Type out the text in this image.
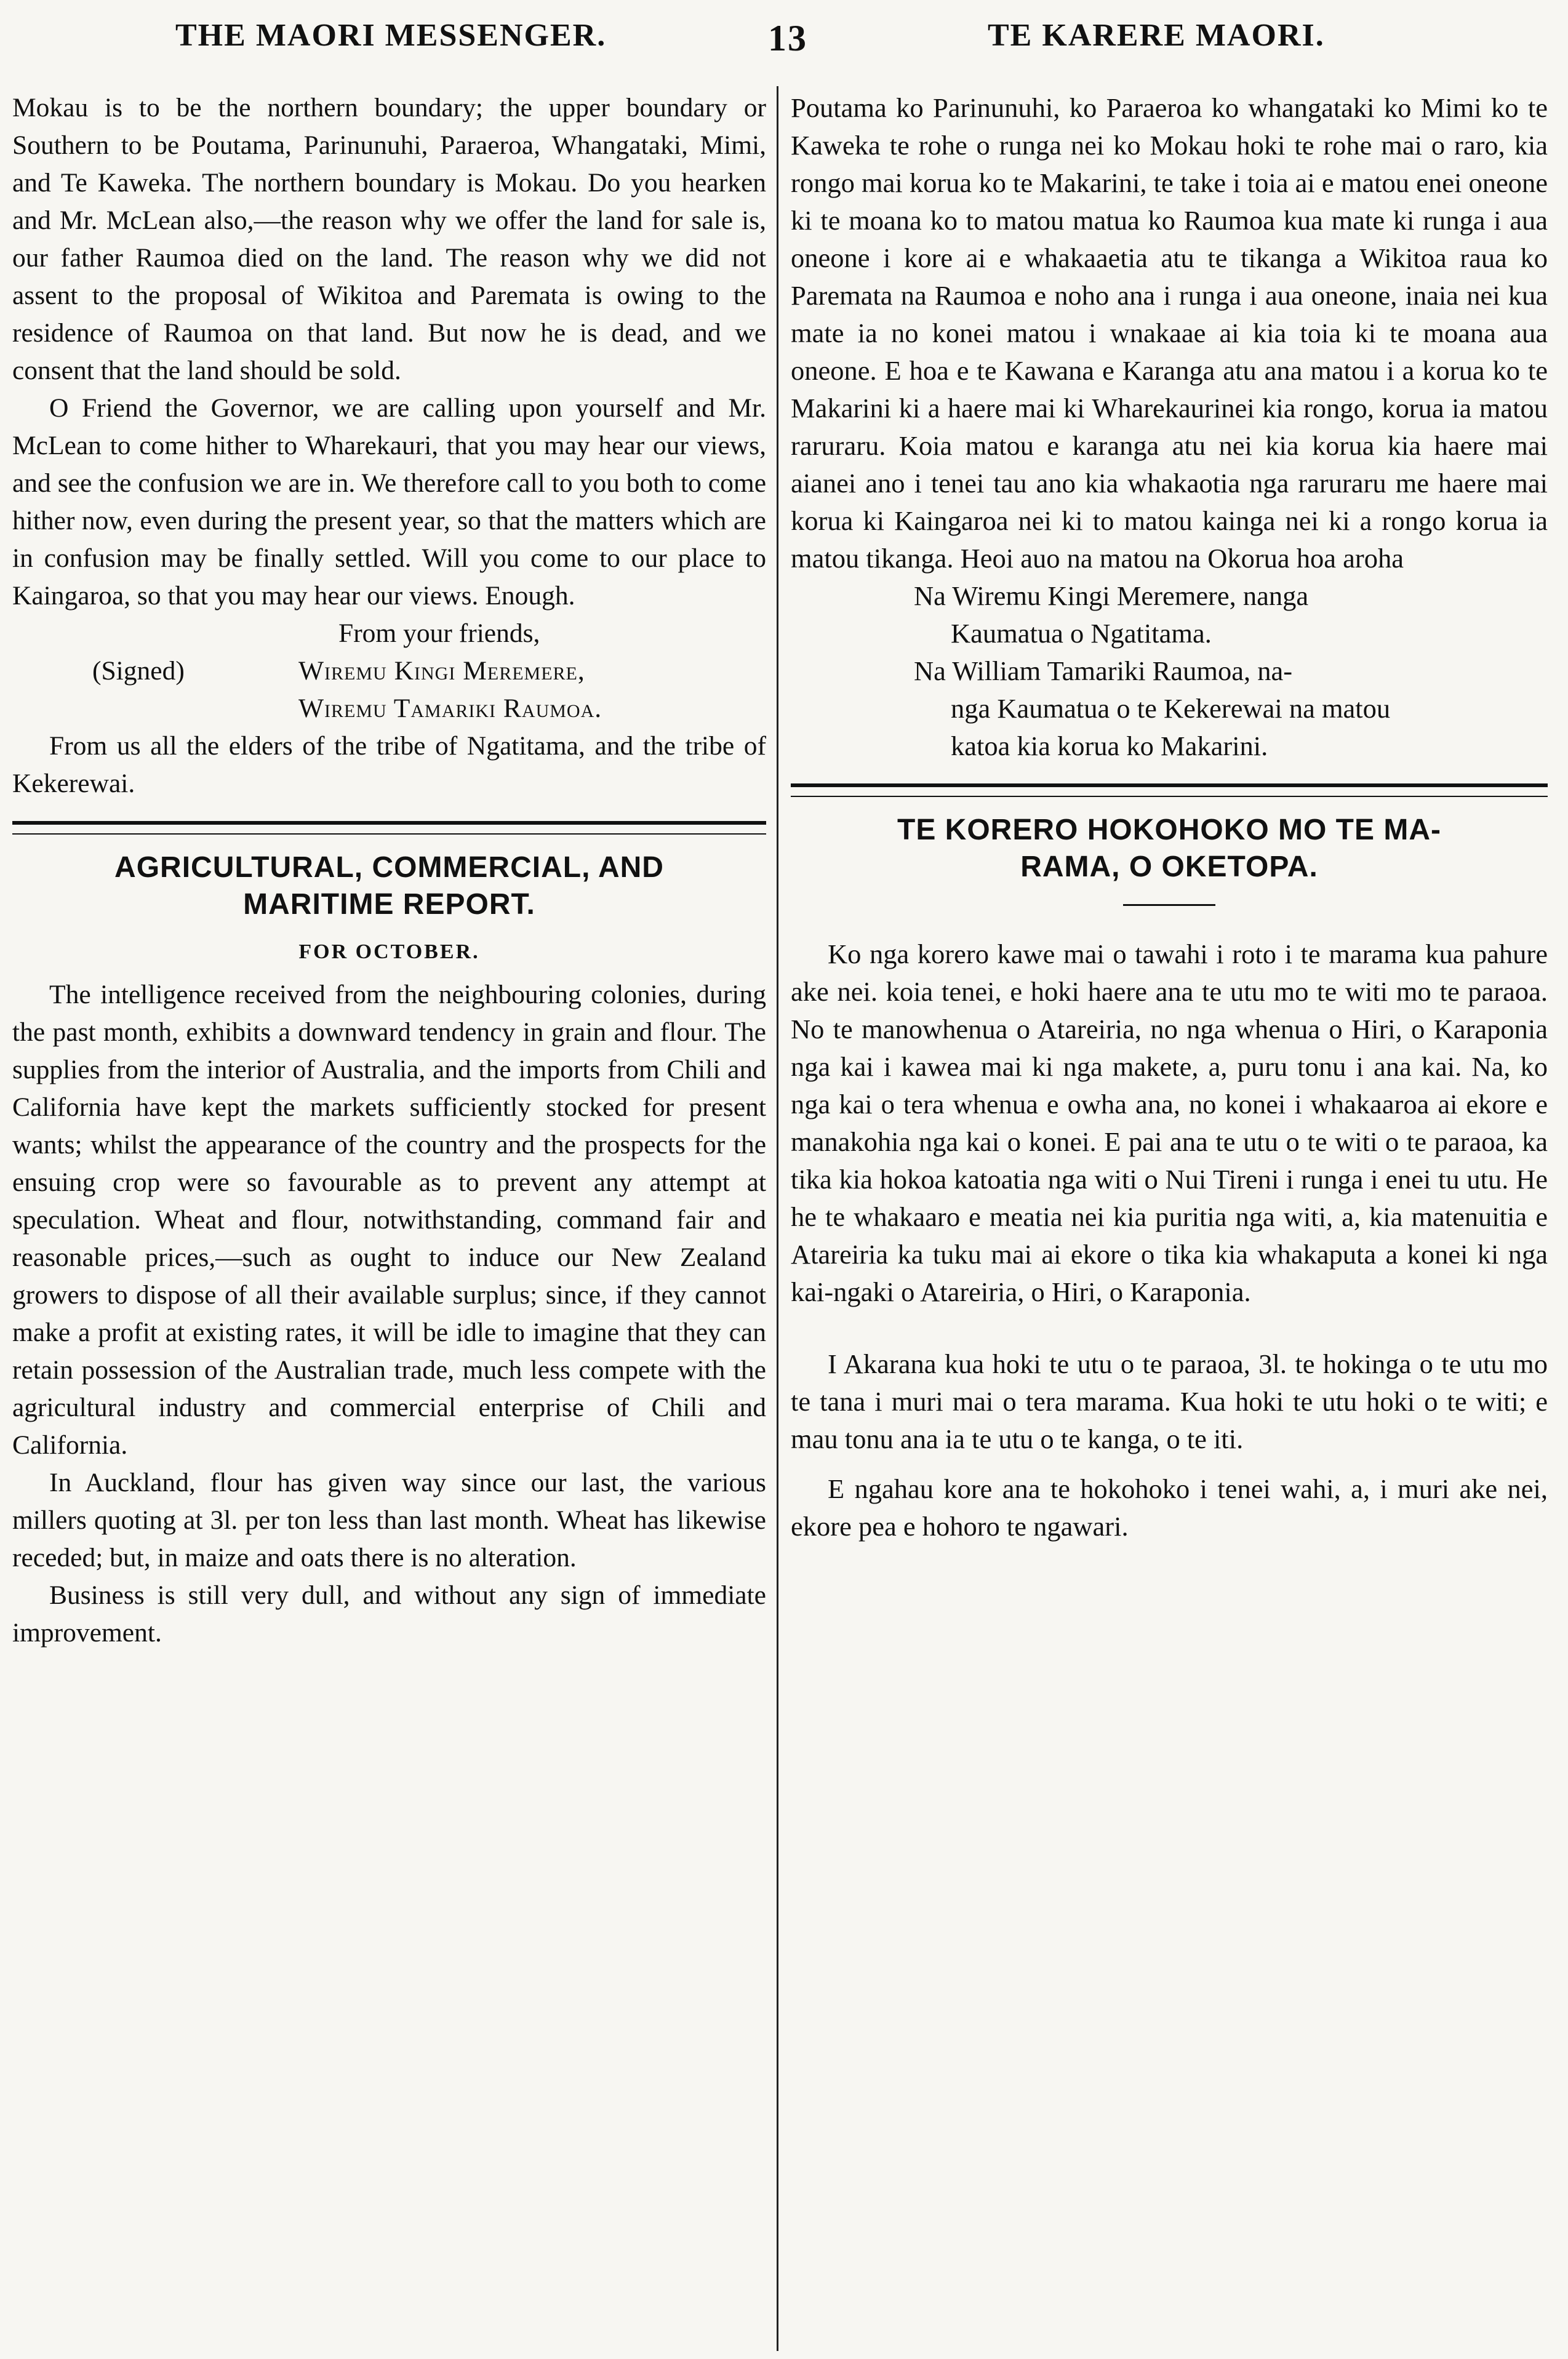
THE MAORI MESSENGER.	13	TE KARERE MAORI.

Mokau is to be the northern boundary; the upper boundary or Southern to be Poutama, Parinunuhi, Paraeroa, Whangataki, Mimi, and Te Kaweka. The northern boundary is Mokau. Do you hearken and Mr. McLean also,—the reason why we offer the land for sale is, our father Raumoa died on the land. The reason why we did not assent to the proposal of Wikitoa and Paremata is owing to the residence of Raumoa on that land. But now he is dead, and we consent that the land should be sold.

O Friend the Governor, we are calling upon yourself and Mr. McLean to come hither to Wharekauri, that you may hear our views, and see the confusion we are in. We therefore call to you both to come hither now, even during the present year, so that the matters which are in confusion may be finally settled. Will you come to our place to Kaingaroa, so that you may hear our views. Enough.

From your friends,
(Signed)	Wiremu Kingi Meremere,
Wiremu Tamariki Raumoa.

From us all the elders of the tribe of Ngatitama, and the tribe of Kekerewai.

AGRICULTURAL, COMMERCIAL, AND
MARITIME REPORT.
FOR OCTOBER.

The intelligence received from the neighbouring colonies, during the past month, exhibits a downward tendency in grain and flour. The supplies from the interior of Australia, and the imports from Chili and California have kept the markets sufficiently stocked for present wants; whilst the appearance of the country and the prospects for the ensuing crop were so favourable as to prevent any attempt at speculation. Wheat and flour, notwithstanding, command fair and reasonable prices,—such as ought to induce our New Zealand growers to dispose of all their available surplus; since, if they cannot make a profit at existing rates, it will be idle to imagine that they can retain possession of the Australian trade, much less compete with the agricultural industry and commercial enterprise of Chili and California.

In Auckland, flour has given way since our last, the various millers quoting at 3l. per ton less than last month. Wheat has likewise receded; but, in maize and oats there is no alteration.

Business is still very dull, and without any sign of immediate improvement.

Poutama ko Parinunuhi, ko Paraeroa ko whangataki ko Mimi ko te Kaweka te rohe o runga nei ko Mokau hoki te rohe mai o raro, kia rongo mai korua ko te Makarini, te take i toia ai e matou enei oneone ki te moana ko to matou matua ko Raumoa kua mate ki runga i aua oneone i kore ai e whakaaetia atu te tikanga a Wikitoa raua ko Paremata na Raumoa e noho ana i runga i aua oneone, inaia nei kua mate ia no konei matou i wnakaae ai kia toia ki te moana aua oneone. E hoa e te Kawana e Karanga atu ana matou i a korua ko te Makarini ki a haere mai ki Wharekaurinei kia rongo, korua ia matou raruraru. Koia matou e karanga atu nei kia korua kia haere mai aianei ano i tenei tau ano kia whakaotia nga raruraru me haere mai korua ki Kaingaroa nei ki to matou kainga nei ki a rongo korua ia matou tikanga. Heoi auo na matou na Okorua hoa aroha

Na Wiremu Kingi Meremere, nanga
Kaumatua o Ngatitama.
Na William Tamariki Raumoa, na-
nga Kaumatua o te Kekerewai na matou katoa kia korua ko Makarini.
TE KORERO HOKOHOKO MO TE MA-
RAMA, O OKETOPA.

Ko nga korero kawe mai o tawahi i roto i te marama kua pahure ake nei. koia tenei, e hoki haere ana te utu mo te witi mo te paraoa. No te manowhenua o Atareiria, no nga whenua o Hiri, o Karaponia nga kai i kawea mai ki nga makete, a, puru tonu i ana kai. Na, ko nga kai o tera whenua e owha ana, no konei i whakaaroa ai ekore e manakohia nga kai o konei. E pai ana te utu o te witi o te paraoa, ka tika kia hokoa katoatia nga witi o Nui Tireni i runga i enei tu utu. He he te whakaaro e meatia nei kia puritia nga witi, a, kia matenuitia e Atareiria ka tuku mai ai ekore o tika kia whakaputa a konei ki nga kai-ngaki o Atareiria, o Hiri, o Karaponia.

I Akarana kua hoki te utu o te paraoa, 3l. te hokinga o te utu mo te tana i muri mai o tera marama. Kua hoki te utu hoki o te witi; e mau tonu ana ia te utu o te kanga, o te iti.

E ngahau kore ana te hokohoko i tenei wahi, a, i muri ake nei, ekore pea e hohoro te ngawari.
